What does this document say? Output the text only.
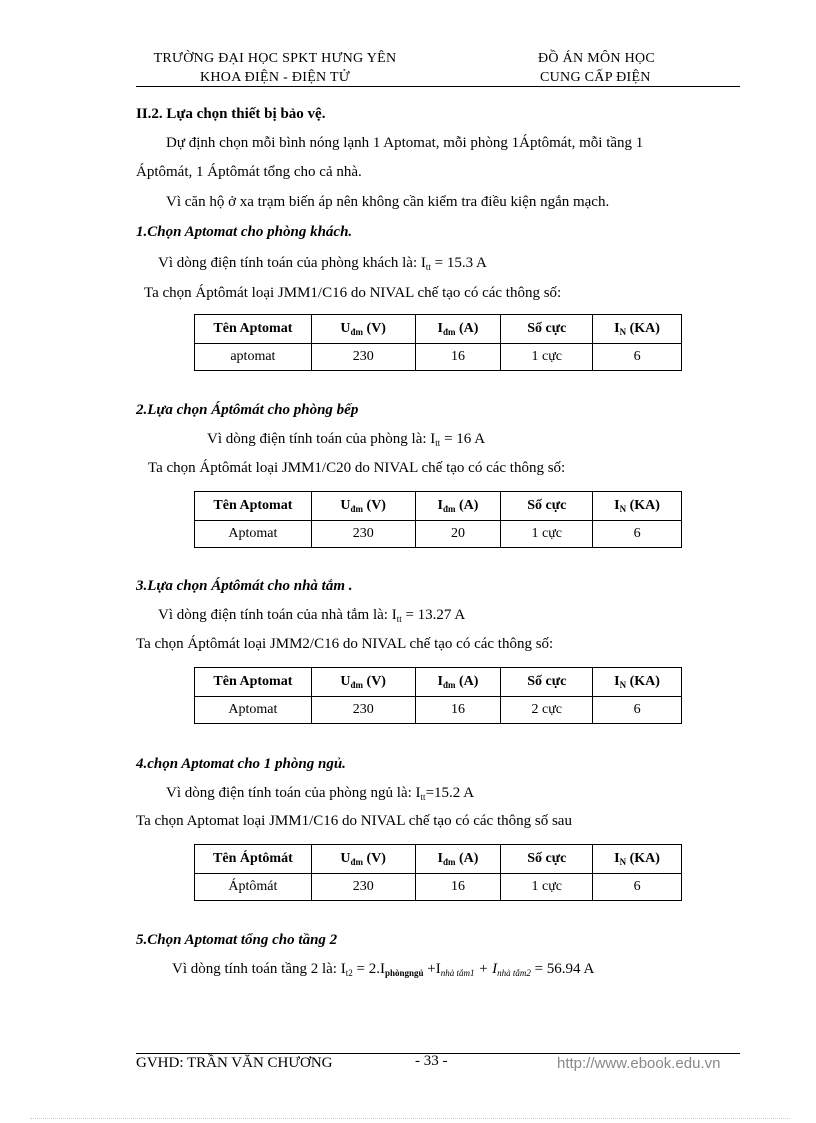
TRƯỜNG ĐẠI HỌC SPKT HƯNG YÊN
KHOA ĐIỆN - ĐIỆN TỬ
ĐỒ ÁN MÔN HỌC
CUNG CẤP ĐIỆN
II.2. Lựa chọn thiết bị bảo vệ.
Dự định chọn mỗi bình nóng lạnh 1 Aptomat, mỗi phòng 1Áptômát, mỗi tầng 1
Áptômát, 1 Áptômát tổng cho cả nhà.
Vì căn hộ ở xa trạm biến áp nên không cần kiểm tra điều kiện ngắn mạch.
1.Chọn Aptomat cho phòng khách.
Vì dòng điện tính toán của phòng khách là: $I_{tt} = 15.3$ A
Ta chọn Áptômát loại JMM1/C16 do NIVAL chế tạo có các thông số:
Tên Aptomat	$U_{đm}$ (V)	$I_{đm}$ (A)	Số cực	$I_N$ (KA)
aptomat	230	16	1 cực	6
2.Lựa chọn Áptômát cho phòng bếp
Vì dòng điện tính toán của phòng là: $I_{tt} = 16$ A
Ta chọn Áptômát loại JMM1/C20 do NIVAL chế tạo có các thông số:
Tên Aptomat	$U_{đm}$ (V)	$I_{đm}$ (A)	Số cực	$I_N$ (KA)
Aptomat	230	20	1 cực	6
3.Lựa chọn Áptômát cho nhà tắm .
Vì dòng điện tính toán của nhà tắm là: $I_{tt} = 13.27$ A
Ta chọn Áptômát loại JMM2/C16 do NIVAL chế tạo có các thông số:
Tên Aptomat	$U_{đm}$ (V)	$I_{đm}$ (A)	Số cực	$I_N$ (KA)
Aptomat	230	16	2 cực	6
4.chọn Aptomat cho 1 phòng ngủ.
Vì dòng điện tính toán của phòng ngủ là: $I_{tt}=15.2$ A
Ta chọn Aptomat loại JMM1/C16 do NIVAL chế tạo có các thông số sau
Tên Áptômát	$U_{đm}$ (V)	$I_{đm}$ (A)	Số cực	$I_N$ (KA)
Áptômát	230	16	1 cực	6
5.Chọn Aptomat tổng cho tầng 2
Vì dòng tính toán tầng 2 là: $I_{t2} = 2.I_{phòngngủ} +I_{nhà tắm1} + I_{nhà tắm2} = 56.94$ A
GVHD: TRẦN VĂN CHƯƠNG	- 33 -	http://www.ebook.edu.vn
